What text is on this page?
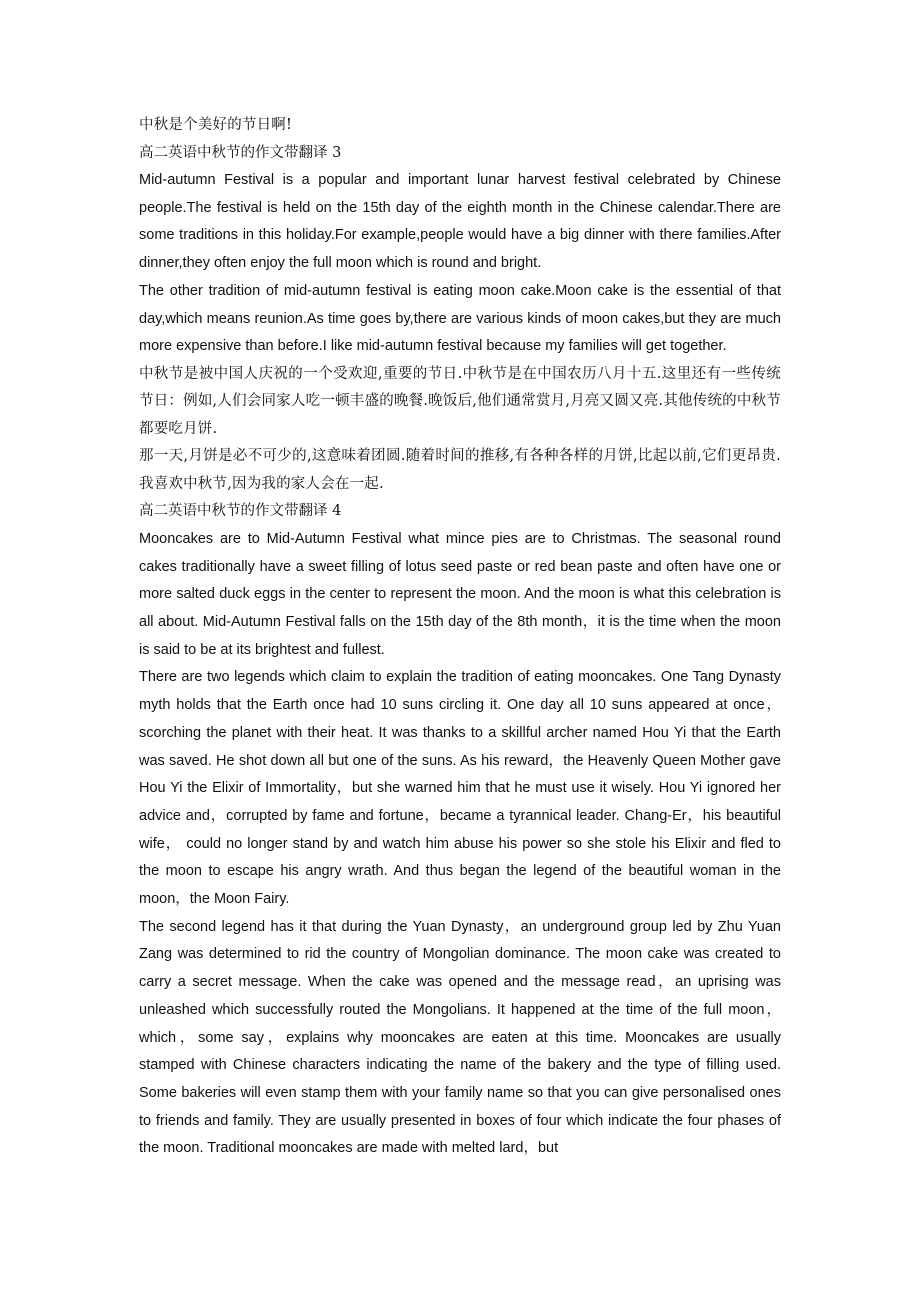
中秋是个美好的节日啊!

高二英语中秋节的作文带翻译 3

Mid-autumn Festival is a popular and important lunar harvest festival celebrated by Chinese people.The festival is held on the 15th day of the eighth month in the Chinese calendar.There are some traditions in this holiday.For example,people would have a big dinner with there families.After dinner,they often enjoy the full moon which is round and bright.

The other tradition of mid-autumn festival is eating moon cake.Moon cake is the essential of that day,which means reunion.As time goes by,there are various kinds of moon cakes,but they are much more expensive than before.I like mid-autumn festival because my families will get together.

中秋节是被中国人庆祝的一个受欢迎,重要的节日.中秋节是在中国农历八月十五.这里还有一些传统节日：例如,人们会同家人吃一顿丰盛的晚餐.晚饭后,他们通常赏月,月亮又圆又亮.其他传统的中秋节都要吃月饼.

那一天,月饼是必不可少的,这意味着团圆.随着时间的推移,有各种各样的月饼,比起以前,它们更昂贵.我喜欢中秋节,因为我的家人会在一起.

高二英语中秋节的作文带翻译 4

Mooncakes are to Mid-Autumn Festival what mince pies are to Christmas. The seasonal round cakes traditionally have a sweet filling of lotus seed paste or red bean paste and often have one or more salted duck eggs in the center to represent the moon. And the moon is what this celebration is all about. Mid-Autumn Festival falls on the 15th day of the 8th month，it is the time when the moon is said to be at its brightest and fullest.

There are two legends which claim to explain the tradition of eating mooncakes. One Tang Dynasty myth holds that the Earth once had 10 suns circling it. One day all 10 suns appeared at once，scorching the planet with their heat. It was thanks to a skillful archer named Hou Yi that the Earth was saved. He shot down all but one of the suns. As his reward，the Heavenly Queen Mother gave Hou Yi the Elixir of Immortality，but she warned him that he must use it wisely. Hou Yi ignored her advice and，corrupted by fame and fortune，became a tyrannical leader. Chang-Er，his beautiful wife， could no longer stand by and watch him abuse his power so she stole his Elixir and fled to the moon to escape his angry wrath. And thus began the legend of the beautiful woman in the moon，the Moon Fairy.

The second legend has it that during the Yuan Dynasty，an underground group led by Zhu Yuan Zang was determined to rid the country of Mongolian dominance. The moon cake was created to carry a secret message. When the cake was opened and the message read，an uprising was unleashed which successfully routed the Mongolians. It happened at the time of the full moon，which，some say，explains why mooncakes are eaten at this time. Mooncakes are usually stamped with Chinese characters indicating the name of the bakery and the type of filling used. Some bakeries will even stamp them with your family name so that you can give personalised ones to friends and family. They are usually presented in boxes of four which indicate the four phases of the moon. Traditional mooncakes are made with melted lard，but
